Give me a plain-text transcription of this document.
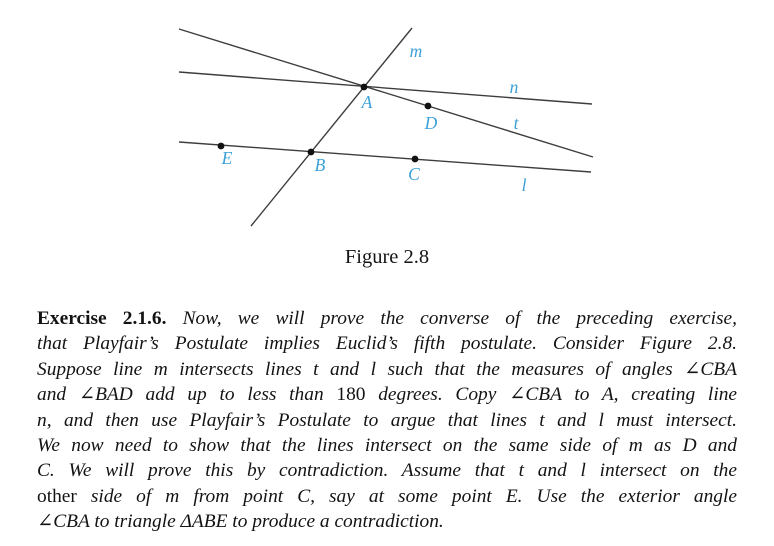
m
n
A
D	t
E	B	C
l
Figure 2.8
Exercise 2.1.6. Now, we will prove the converse of the preceding exercise,
that Playfair’s Postulate implies Euclid’s fifth postulate. Consider Figure 2.8.
Suppose line m intersects lines t and l such that the measures of angles ∠CBA
and ∠BAD add up to less than 180 degrees. Copy ∠CBA to A, creating line
n, and then use Playfair’s Postulate to argue that lines t and l must intersect.
We now need to show that the lines intersect on the same side of m as D and
C. We will prove this by contradiction. Assume that t and l intersect on the
other side of m from point C, say at some point E. Use the exterior angle
∠CBA to triangle ΔABE to produce a contradiction.
